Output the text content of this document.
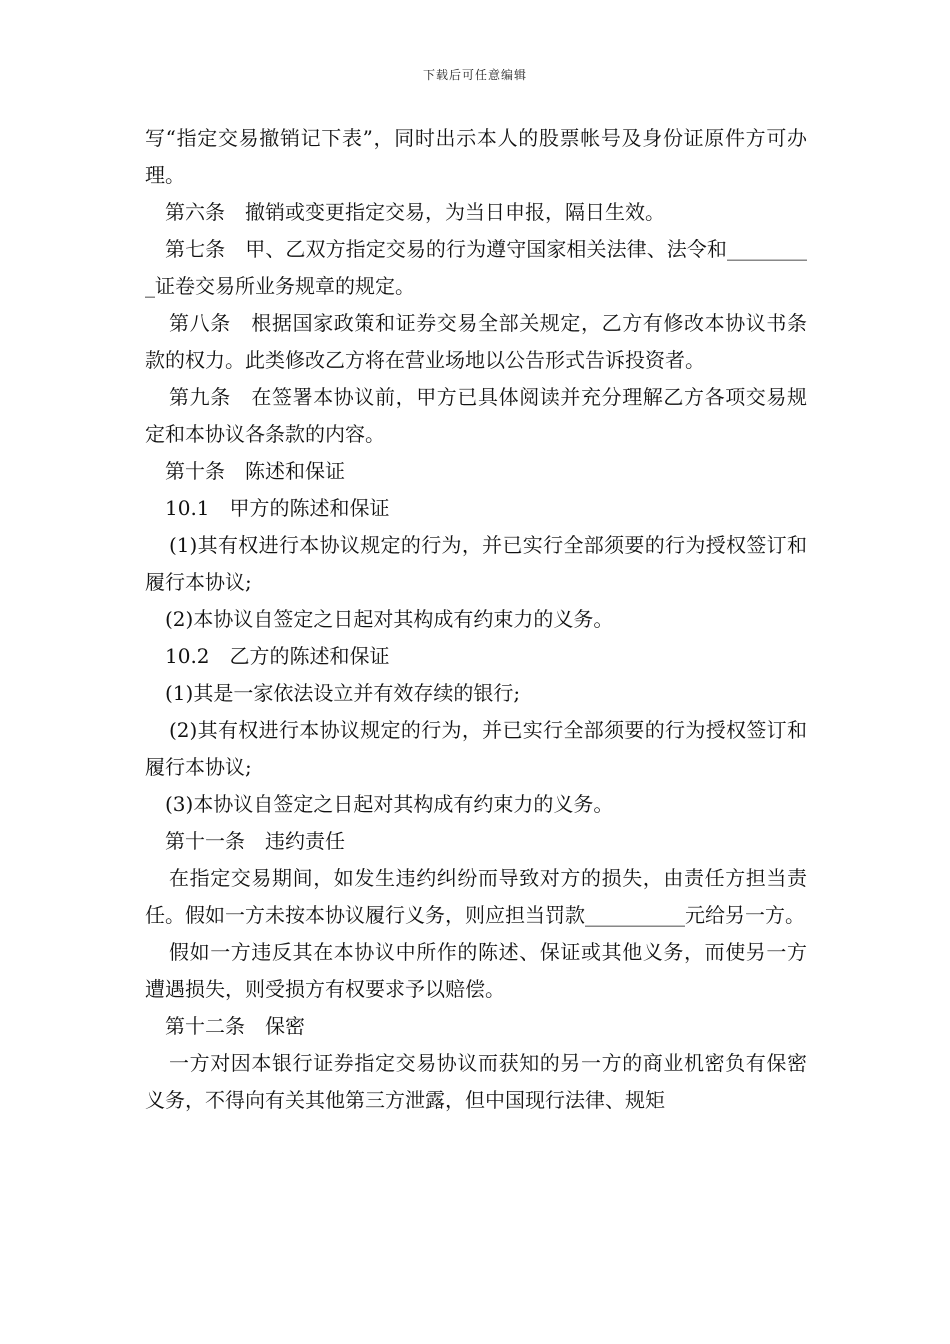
下载后可任意编辑

写“指定交易撤销记下表”，同时出示本人的股票帐号及身份证原件方可办理。

第六条　撤销或变更指定交易，为当日申报，隔日生效。

第七条　甲、乙双方指定交易的行为遵守国家相关法律、法令和_________证卷交易所业务规章的规定。

第八条　根据国家政策和证券交易全部关规定，乙方有修改本协议书条款的权力。此类修改乙方将在营业场地以公告形式告诉投资者。

第九条　在签署本协议前，甲方已具体阅读并充分理解乙方各项交易规定和本协议各条款的内容。

第十条　陈述和保证

10.1　甲方的陈述和保证

(1)其有权进行本协议规定的行为，并已实行全部须要的行为授权签订和履行本协议;

(2)本协议自签定之日起对其构成有约束力的义务。

10.2　乙方的陈述和保证

(1)其是一家依法设立并有效存续的银行;

(2)其有权进行本协议规定的行为，并已实行全部须要的行为授权签订和履行本协议;

(3)本协议自签定之日起对其构成有约束力的义务。

第十一条　违约责任

在指定交易期间，如发生违约纠纷而导致对方的损失，由责任方担当责任。假如一方未按本协议履行义务，则应担当罚款__________元给另一方。

假如一方违反其在本协议中所作的陈述、保证或其他义务，而使另一方遭遇损失，则受损方有权要求予以赔偿。

第十二条　保密

一方对因本银行证券指定交易协议而获知的另一方的商业机密负有保密义务，不得向有关其他第三方泄露，但中国现行法律、规矩
